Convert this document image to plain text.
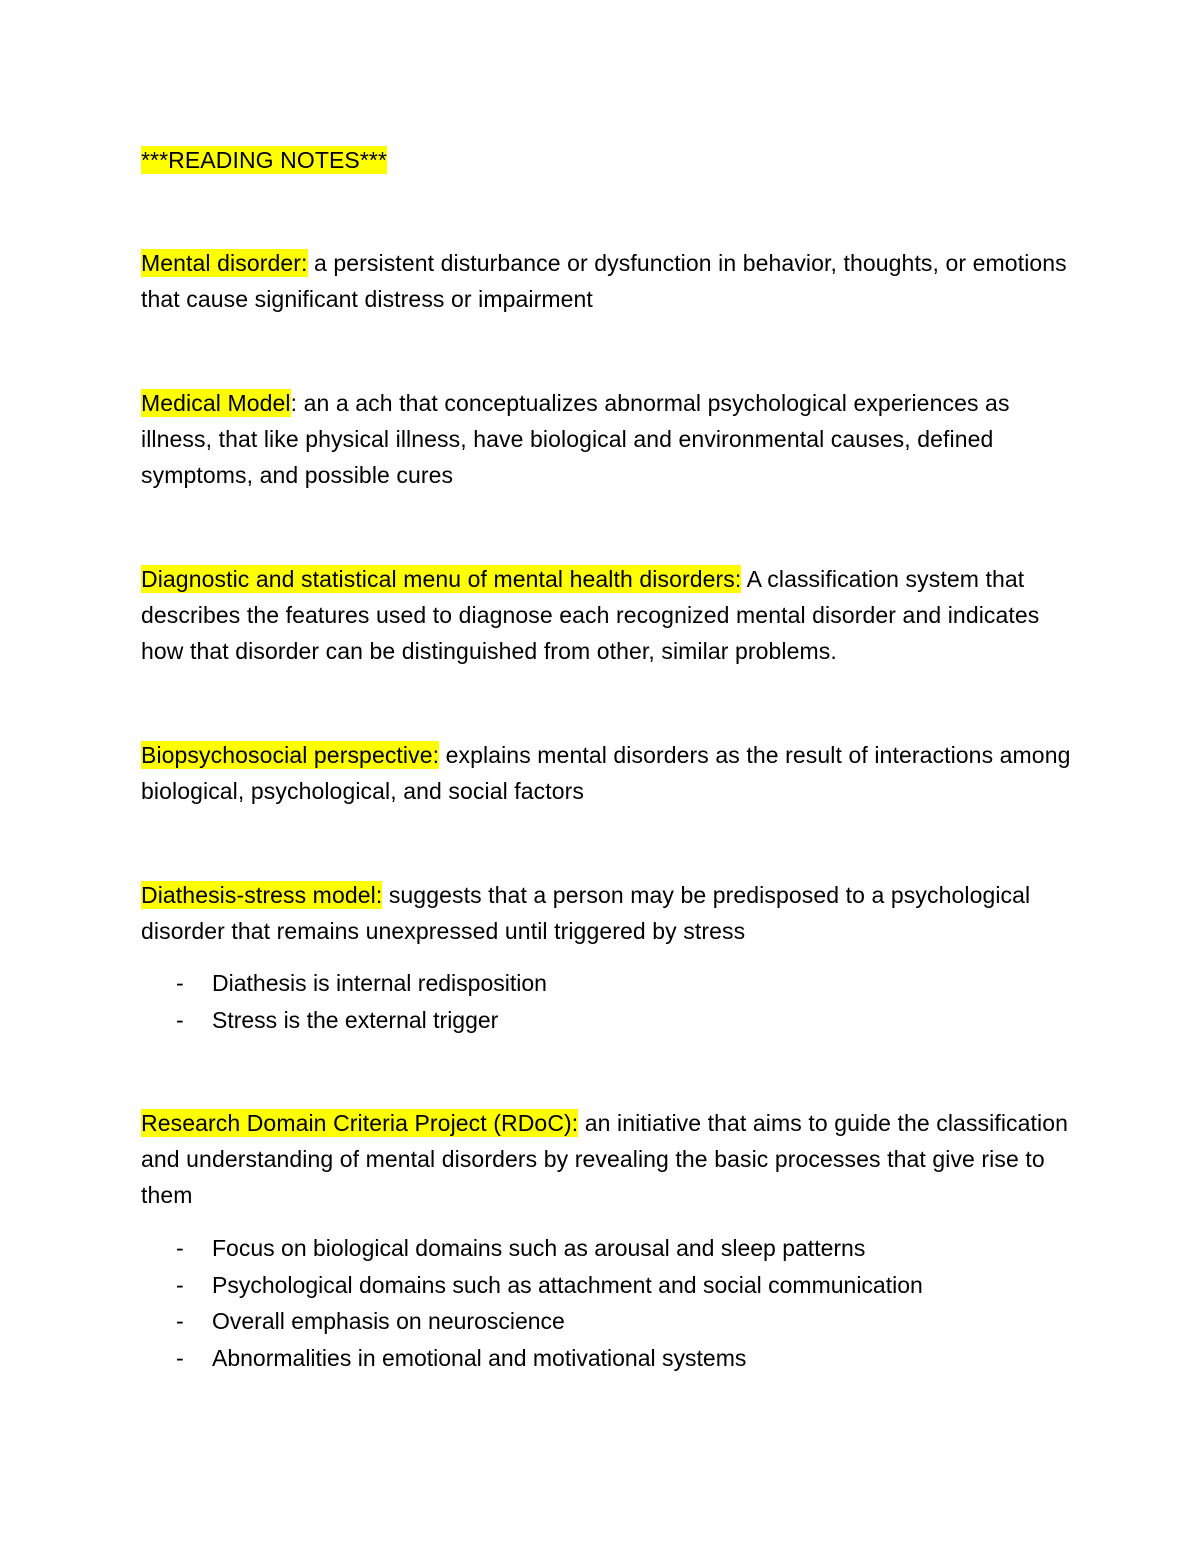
***READING NOTES***
Mental disorder: a persistent disturbance or dysfunction in behavior, thoughts, or emotions that cause significant distress or impairment
Medical Model: an a ach that conceptualizes abnormal psychological experiences as illness, that like physical illness, have biological and environmental causes, defined symptoms, and possible cures
Diagnostic and statistical menu of mental health disorders: A classification system that describes the features used to diagnose each recognized mental disorder and indicates how that disorder can be distinguished from other, similar problems.
Biopsychosocial perspective: explains mental disorders as the result of interactions among biological, psychological, and social factors
Diathesis-stress model: suggests that a person may be predisposed to a psychological disorder that remains unexpressed until triggered by stress
- Diathesis is internal redisposition
- Stress is the external trigger
Research Domain Criteria Project (RDoC): an initiative that aims to guide the classification and understanding of mental disorders by revealing the basic processes that give rise to them
- Focus on biological domains such as arousal and sleep patterns
- Psychological domains such as attachment and social communication
- Overall emphasis on neuroscience
- Abnormalities in emotional and motivational systems
